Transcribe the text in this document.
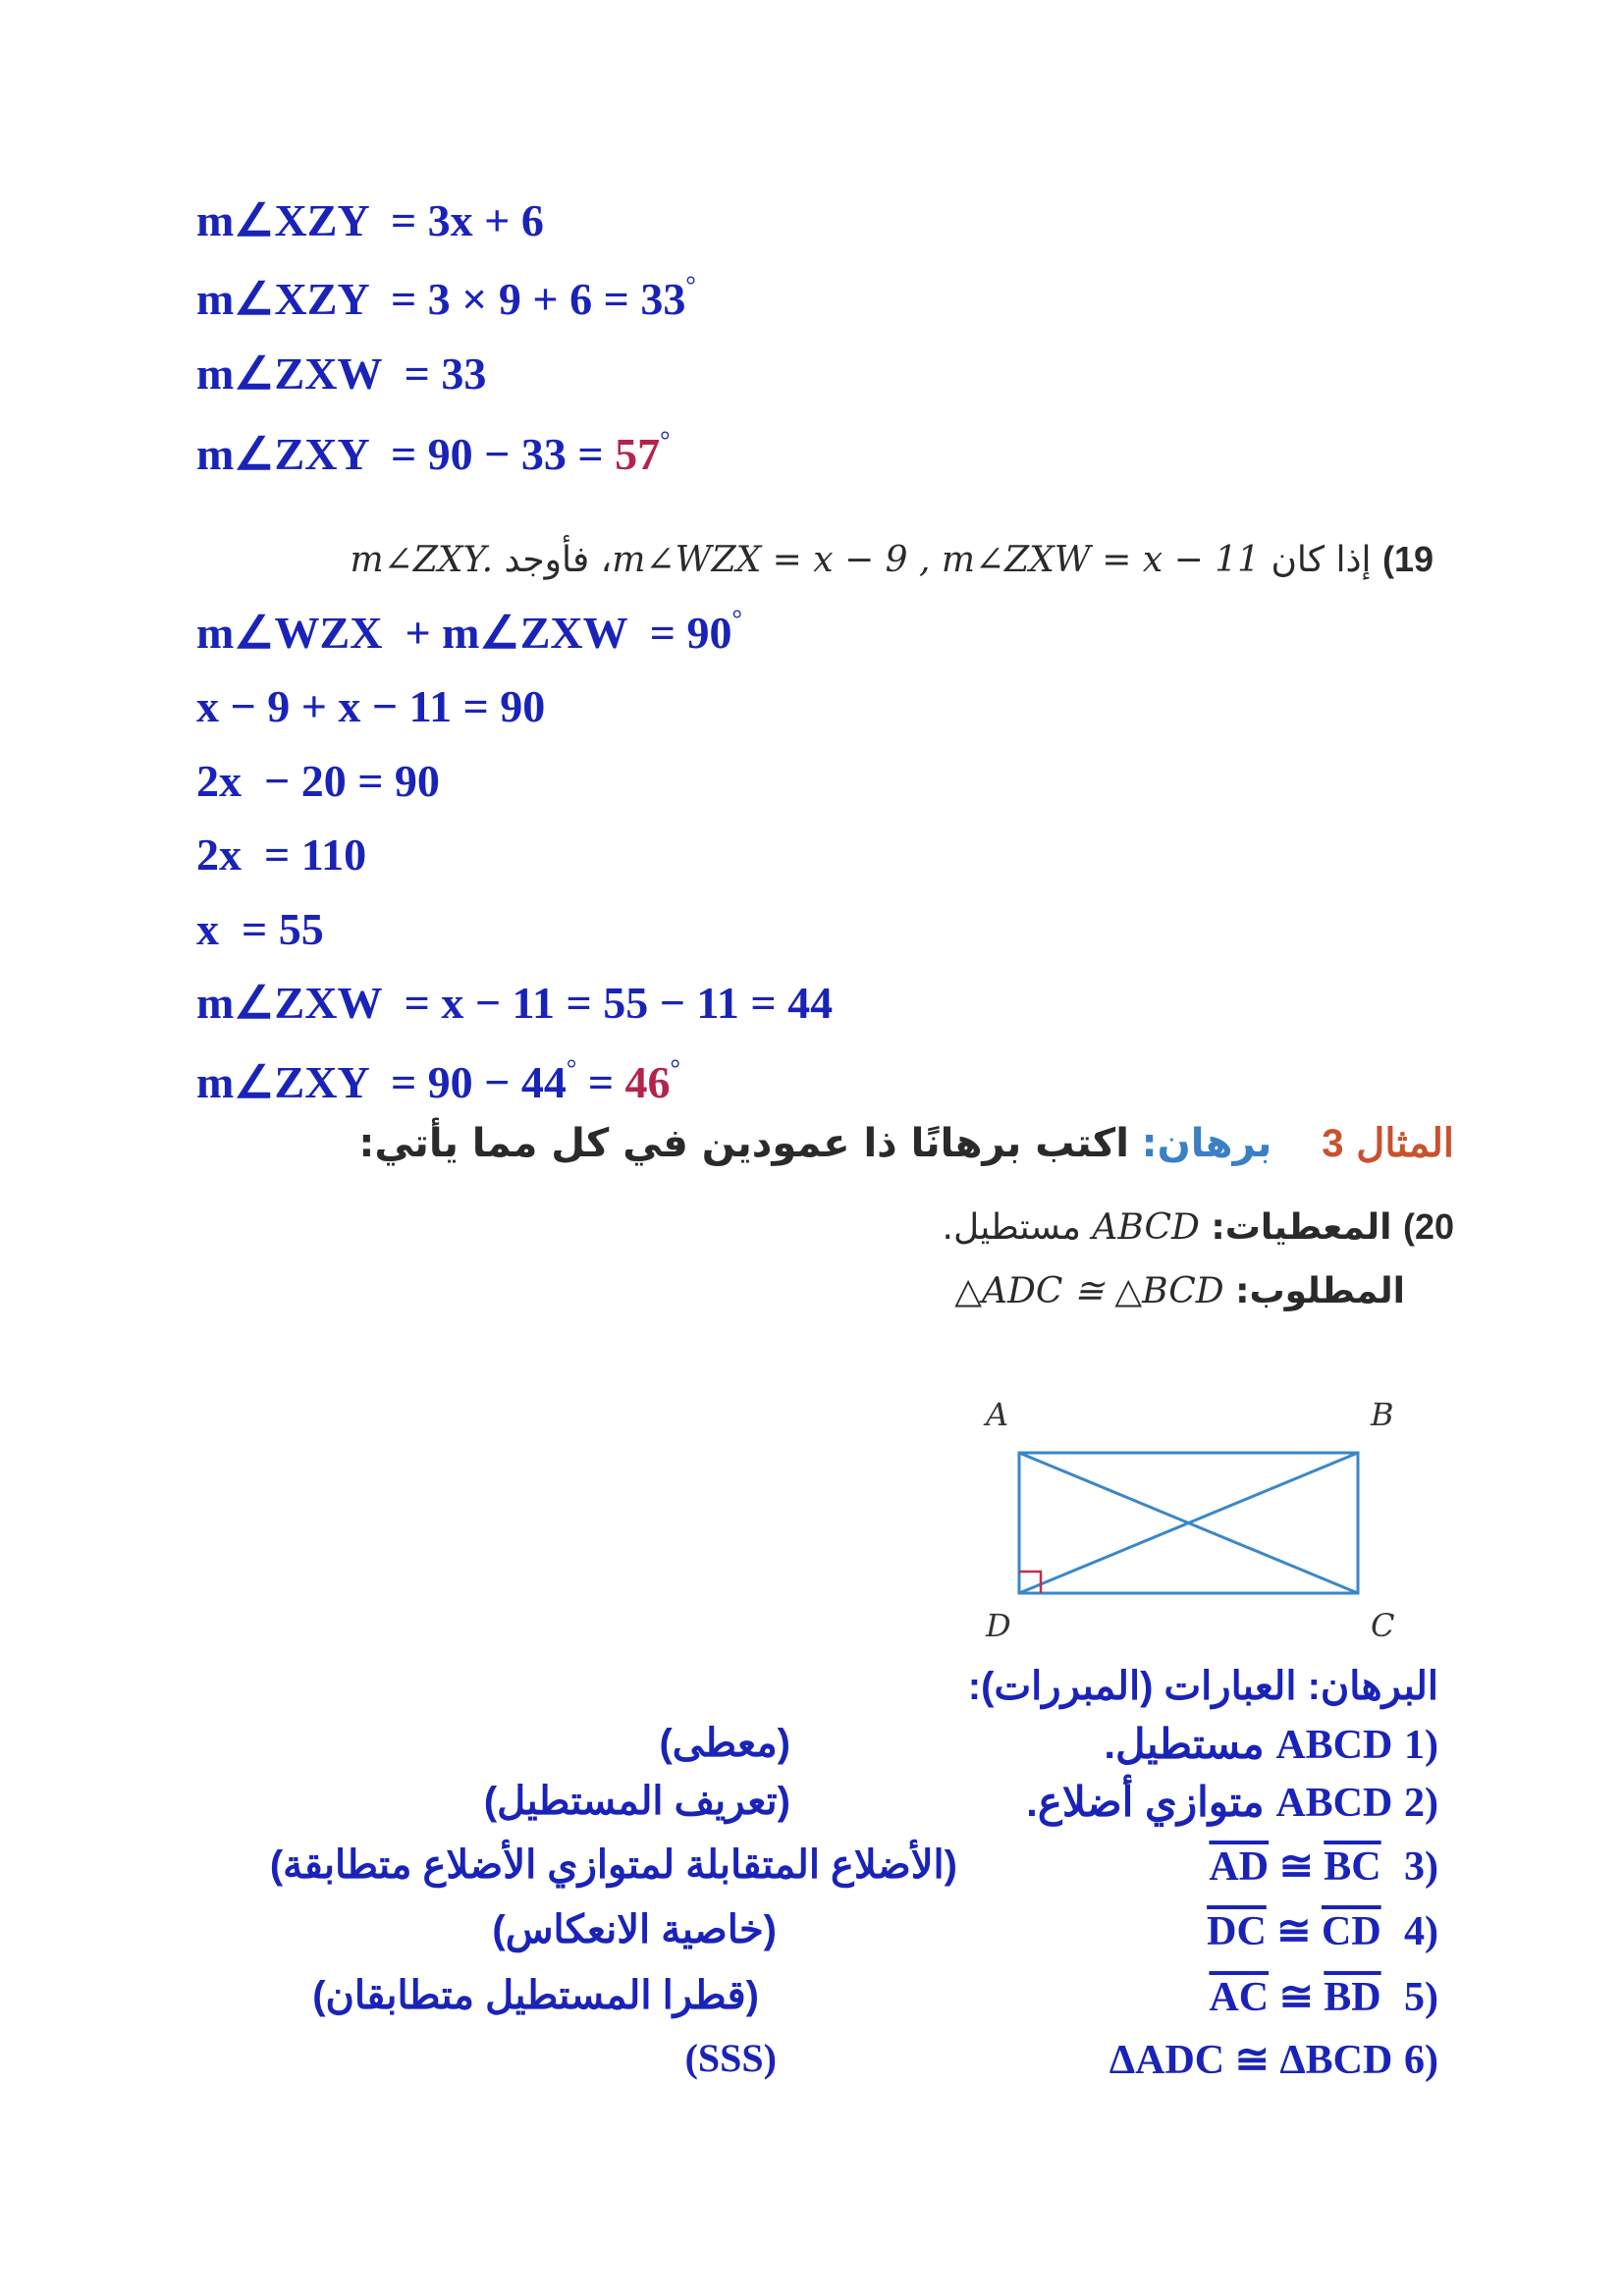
m∠XZY  = 3x + 6
m∠XZY  = 3 × 9 + 6 = 33°
m∠ZXW  = 33
m∠ZXY  = 90 − 33 = 57°
19) إذا كان m∠WZX = x − 9 , m∠ZXW = x − 11، فأوجد m∠ZXY.
m∠WZX  + m∠ZXW  = 90°
x − 9 + x − 11 = 90
2x  − 20 = 90
2x  = 110
x  = 55
m∠ZXW  = x − 11 = 55 − 11 = 44
m∠ZXY  = 90 − 44° = 46°
المثال 3    برهان: اكتب برهانًا ذا عمودين في كل مما يأتي:
20) المعطيات: ABCD مستطيل.
المطلوب: △ADC ≅ △BCD
A	B
D	C
البرهان: العبارات (المبررات):
(1 ABCD مستطيل.
(معطى)
(2 ABCD متوازي أضلاع.
(تعريف المستطيل)
(3  $\overline{AD}$ ≅ $\overline{BC}$
(الأضلاع المتقابلة لمتوازي الأضلاع متطابقة)
(4  $\overline{DC}$ ≅ $\overline{CD}$
(خاصية الانعكاس)
(5  $\overline{AC}$ ≅ $\overline{BD}$
(قطرا المستطيل متطابقان)
(6 ΔADC ≅ ΔBCD
(SSS)
